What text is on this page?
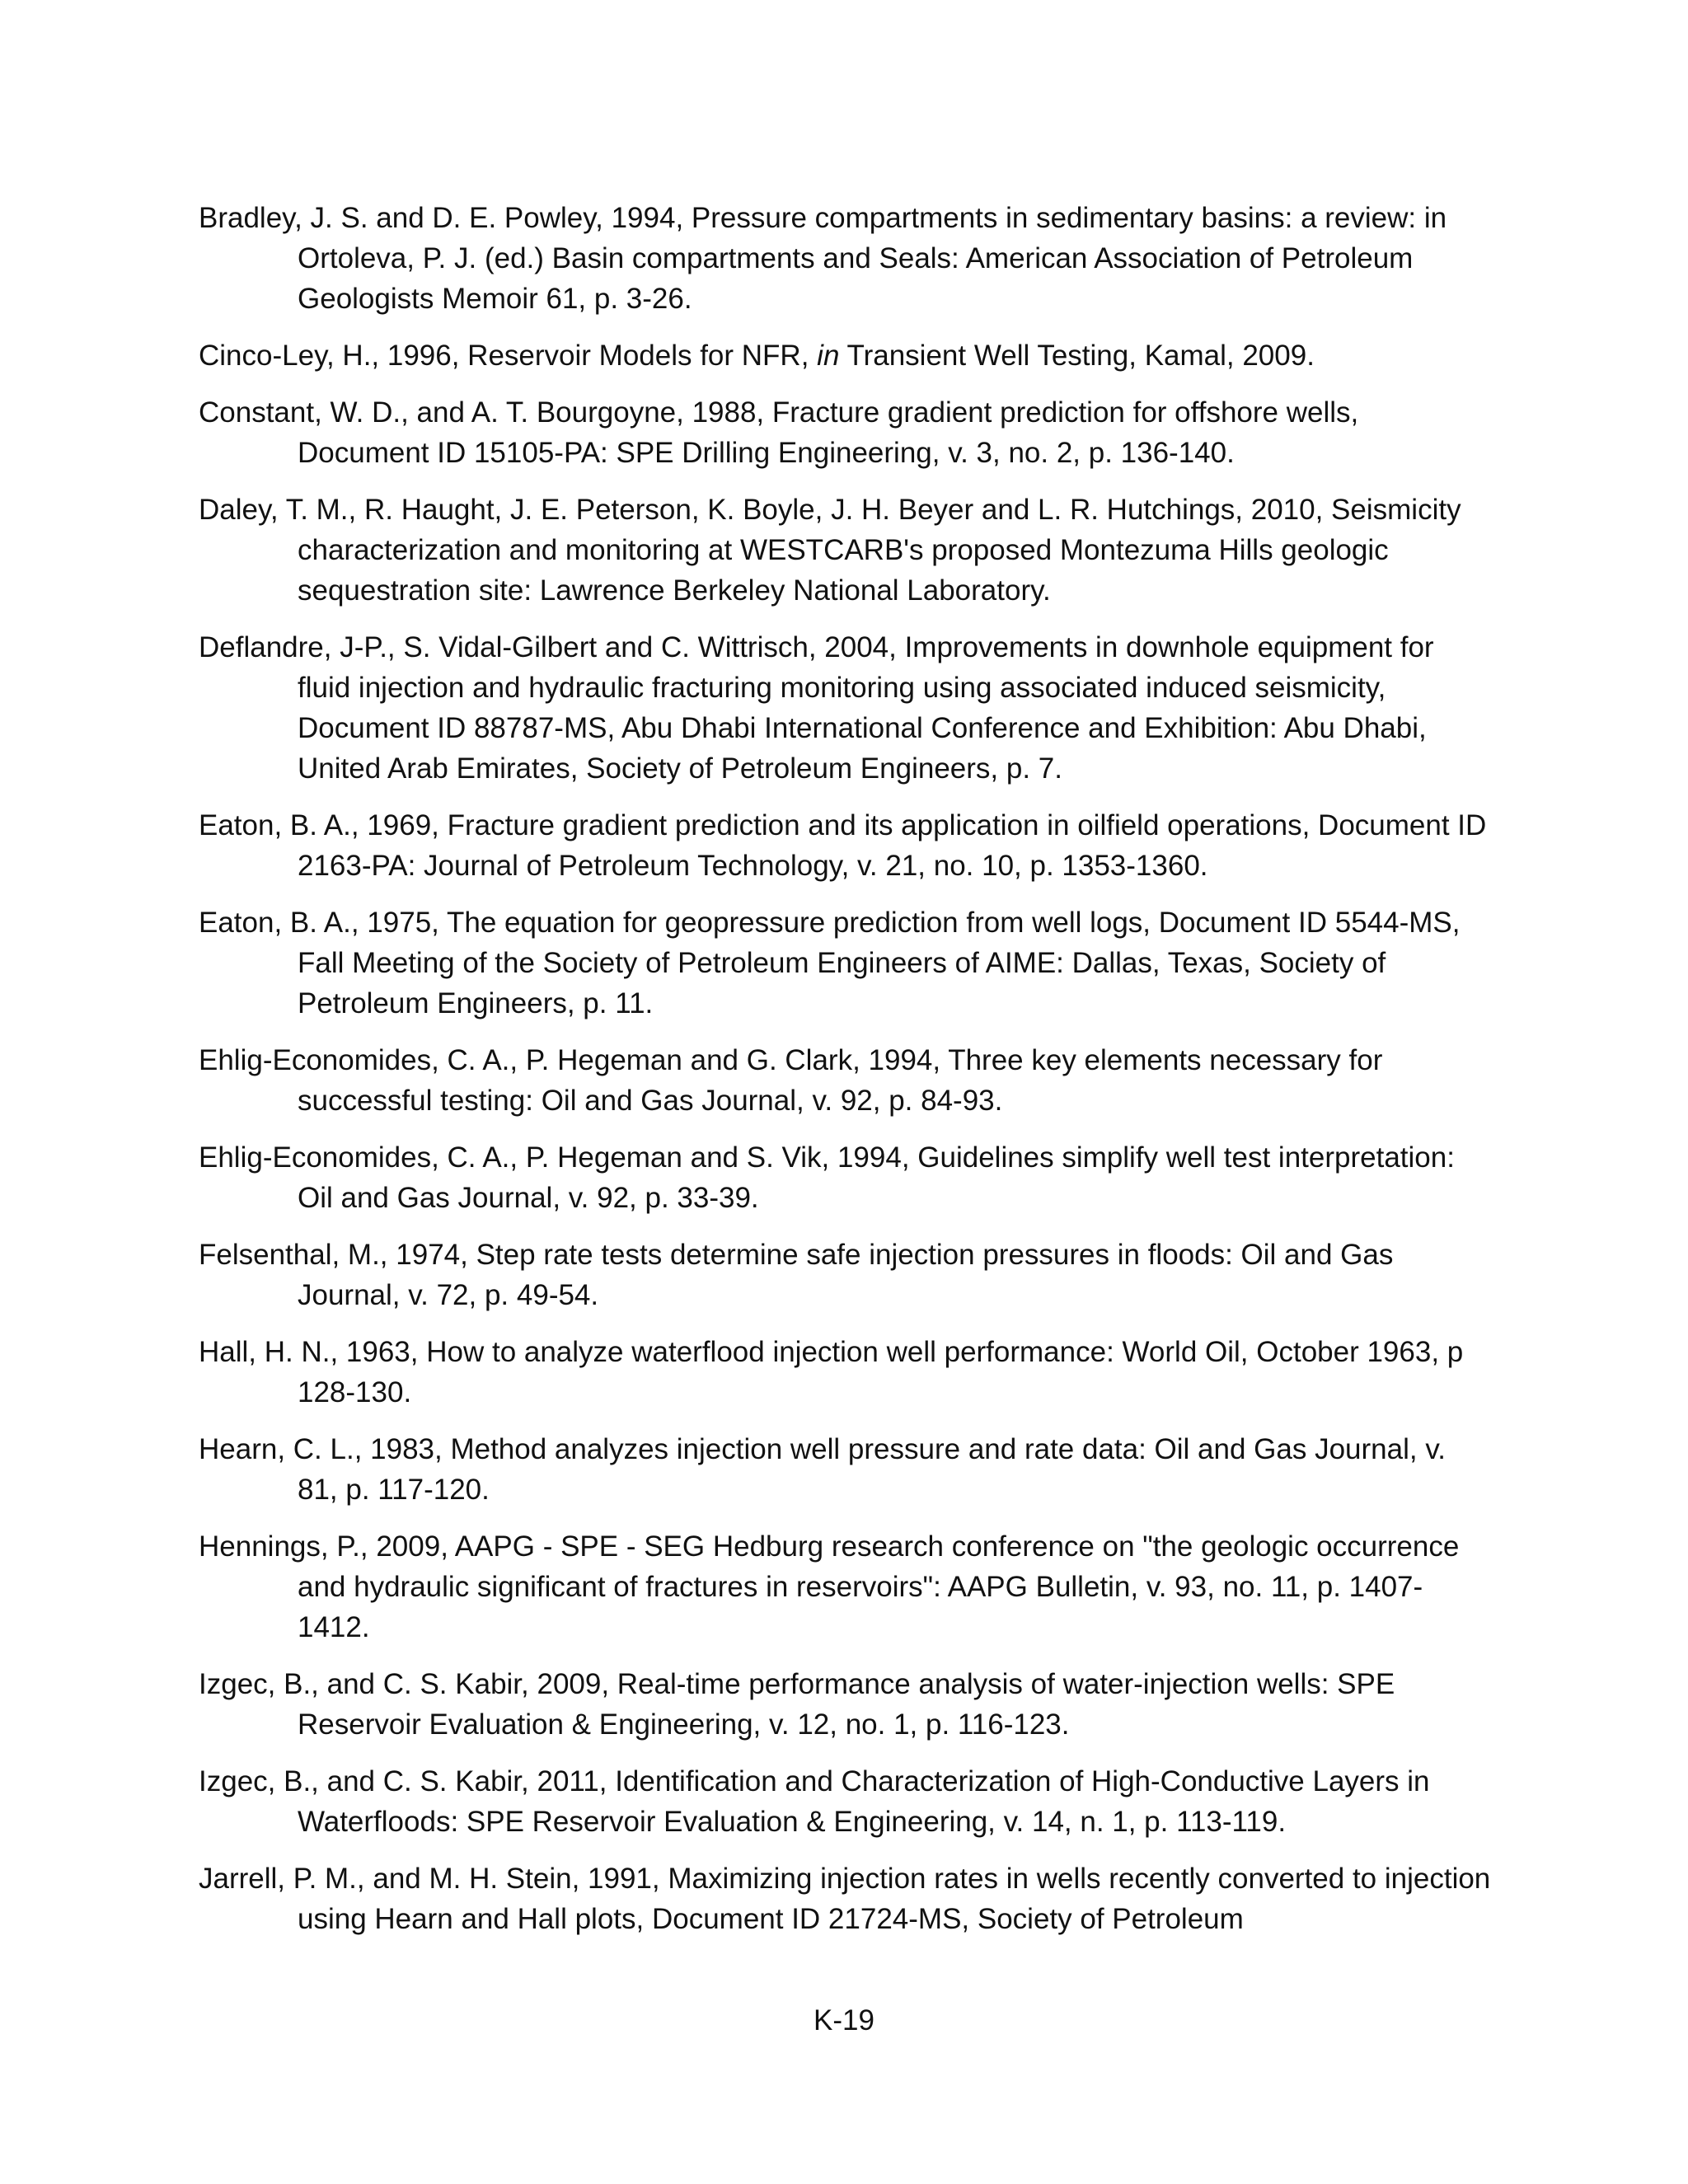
Bradley, J. S. and D. E. Powley, 1994, Pressure compartments in sedimentary basins: a review: in Ortoleva, P. J. (ed.) Basin compartments and Seals: American Association of Petroleum Geologists Memoir 61, p. 3-26.
Cinco-Ley, H., 1996, Reservoir Models for NFR, in Transient Well Testing, Kamal, 2009.
Constant, W. D., and A. T. Bourgoyne, 1988, Fracture gradient prediction for offshore wells, Document ID 15105-PA: SPE Drilling Engineering, v. 3, no. 2, p. 136-140.
Daley, T. M., R. Haught, J. E. Peterson, K. Boyle, J. H. Beyer and L. R. Hutchings, 2010, Seismicity characterization and monitoring at WESTCARB's proposed Montezuma Hills geologic sequestration site: Lawrence Berkeley National Laboratory.
Deflandre, J-P., S. Vidal-Gilbert and C. Wittrisch, 2004, Improvements in downhole equipment for fluid injection and hydraulic fracturing monitoring using associated induced seismicity, Document ID 88787-MS, Abu Dhabi International Conference and Exhibition: Abu Dhabi, United Arab Emirates, Society of Petroleum Engineers, p. 7.
Eaton, B. A., 1969, Fracture gradient prediction and its application in oilfield operations, Document ID 2163-PA: Journal of Petroleum Technology, v. 21, no. 10, p. 1353-1360.
Eaton, B. A., 1975, The equation for geopressure prediction from well logs, Document ID 5544-MS, Fall Meeting of the Society of Petroleum Engineers of AIME: Dallas, Texas, Society of Petroleum Engineers, p. 11.
Ehlig-Economides, C. A., P. Hegeman and G. Clark, 1994, Three key elements necessary for successful testing: Oil and Gas Journal, v. 92, p. 84-93.
Ehlig-Economides, C. A., P. Hegeman and S. Vik, 1994, Guidelines simplify well test interpretation: Oil and Gas Journal, v. 92, p. 33-39.
Felsenthal, M., 1974, Step rate tests determine safe injection pressures in floods: Oil and Gas Journal, v. 72, p. 49-54.
Hall, H. N., 1963, How to analyze waterflood injection well performance: World Oil, October 1963, p 128-130.
Hearn, C. L., 1983, Method analyzes injection well pressure and rate data: Oil and Gas Journal, v. 81, p. 117-120.
Hennings, P., 2009, AAPG - SPE - SEG Hedburg research conference on "the geologic occurrence and hydraulic significant of fractures in reservoirs": AAPG Bulletin, v. 93, no. 11, p. 1407-1412.
Izgec, B., and C. S. Kabir, 2009, Real-time performance analysis of water-injection wells: SPE Reservoir Evaluation & Engineering, v. 12, no. 1, p. 116-123.
Izgec, B., and C. S. Kabir, 2011, Identification and Characterization of High-Conductive Layers in Waterfloods: SPE Reservoir Evaluation & Engineering, v. 14, n. 1, p. 113-119.
Jarrell, P. M., and M. H. Stein, 1991, Maximizing injection rates in wells recently converted to injection using Hearn and Hall plots, Document ID 21724-MS, Society of Petroleum
K-19
